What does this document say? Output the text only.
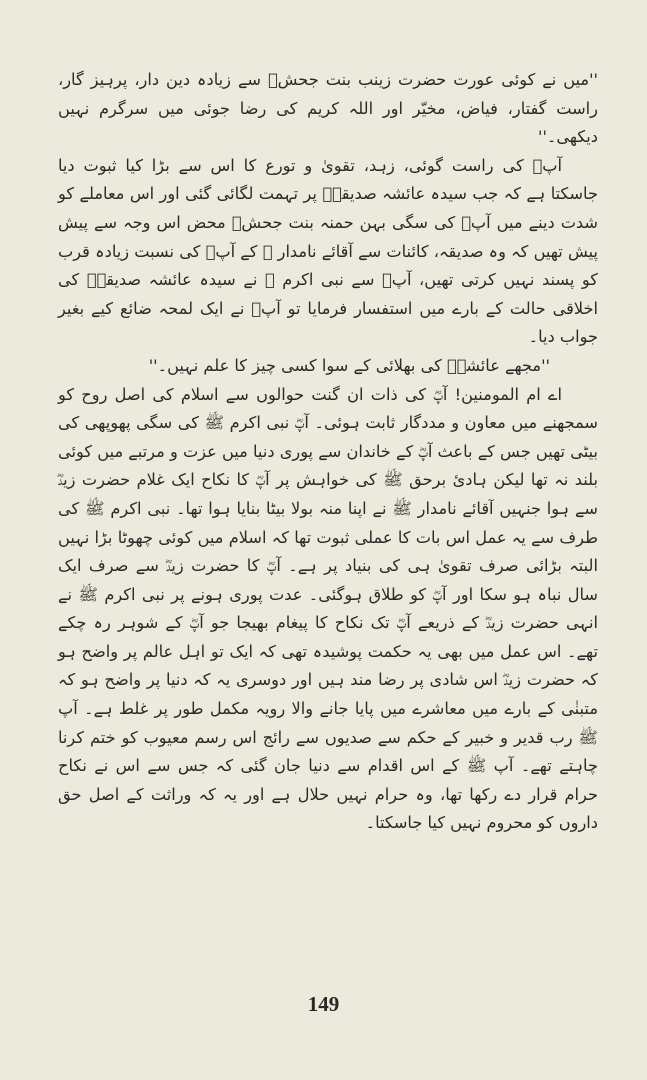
''میں نے کوئی عورت حضرت زینب بنت جحشؓ سے زیادہ دین دار، پرہیز گار، راست گفتار، فیاض، مخیّر اور اللہ کریم کی رضا جوئی میں سرگرم نہیں دیکھی۔''

آپؓ کی راست گوئی، زہد، تقویٰ و تورع کا اس سے بڑا کیا ثبوت دیا جاسکتا ہے کہ جب سیدہ عائشہ صدیقہؓ پر تہمت لگائی گئی اور اس معاملے کو شدت دینے میں آپؓ کی سگی بہن حمنہ بنت جحشؓ محض اس وجہ سے پیش پیش تھیں کہ وہ صدیقہ، کائنات سے آقائے نامدار ﷺ کے آپؓ کی نسبت زیادہ قرب کو پسند نہیں کرتی تھیں، آپؓ سے نبی اکرم ﷺ نے سیدہ عائشہ صدیقہؓ کی اخلاقی حالت کے بارے میں استفسار فرمایا تو آپؓ نے ایک لمحہ ضائع کیے بغیر جواب دیا۔

''مجھے عائشہؓ کی بھلائی کے سوا کسی چیز کا علم نہیں۔''

اے ام المومنین! آپؓ کی ذات ان گنت حوالوں سے اسلام کی اصل روح کو سمجھنے میں معاون و مددگار ثابت ہوئی۔ آپؓ نبی اکرم ﷺ کی سگی پھوپھی کی بیٹی تھیں جس کے باعث آپؓ کے خاندان سے پوری دنیا میں عزت و مرتبے میں کوئی بلند نہ تھا لیکن ہادیٔ برحق ﷺ کی خواہش پر آپؓ کا نکاح ایک غلام حضرت زیدؓ سے ہوا جنہیں آقائے نامدار ﷺ نے اپنا منہ بولا بیٹا بنایا ہوا تھا۔ نبی اکرم ﷺ کی طرف سے یہ عمل اس بات کا عملی ثبوت تھا کہ اسلام میں کوئی چھوٹا بڑا نہیں البتہ بڑائی صرف تقویٰ ہی کی بنیاد پر ہے۔ آپؓ کا حضرت زیدؓ سے صرف ایک سال نباہ ہو سکا اور آپؓ کو طلاق ہوگئی۔ عدت پوری ہونے پر نبی اکرم ﷺ نے انہی حضرت زیدؓ کے ذریعے آپؓ تک نکاح کا پیغام بھیجا جو آپؓ کے شوہر رہ چکے تھے۔ اس عمل میں بھی یہ حکمت پوشیدہ تھی کہ ایک تو اہل عالم پر واضح ہو کہ حضرت زیدؓ اس شادی پر رضا مند ہیں اور دوسری یہ کہ دنیا پر واضح ہو کہ متبنٰی کے بارے میں معاشرے میں پایا جانے والا رویہ مکمل طور پر غلط ہے۔ آپ ﷺ رب قدیر و خبیر کے حکم سے صدیوں سے رائج اس رسم معیوب کو ختم کرنا چاہتے تھے۔ آپ ﷺ کے اس اقدام سے دنیا جان گئی کہ جس سے اس نے نکاح حرام قرار دے رکھا تھا، وہ حرام نہیں حلال ہے اور یہ کہ وراثت کے اصل حق داروں کو محروم نہیں کیا جاسکتا۔

149
